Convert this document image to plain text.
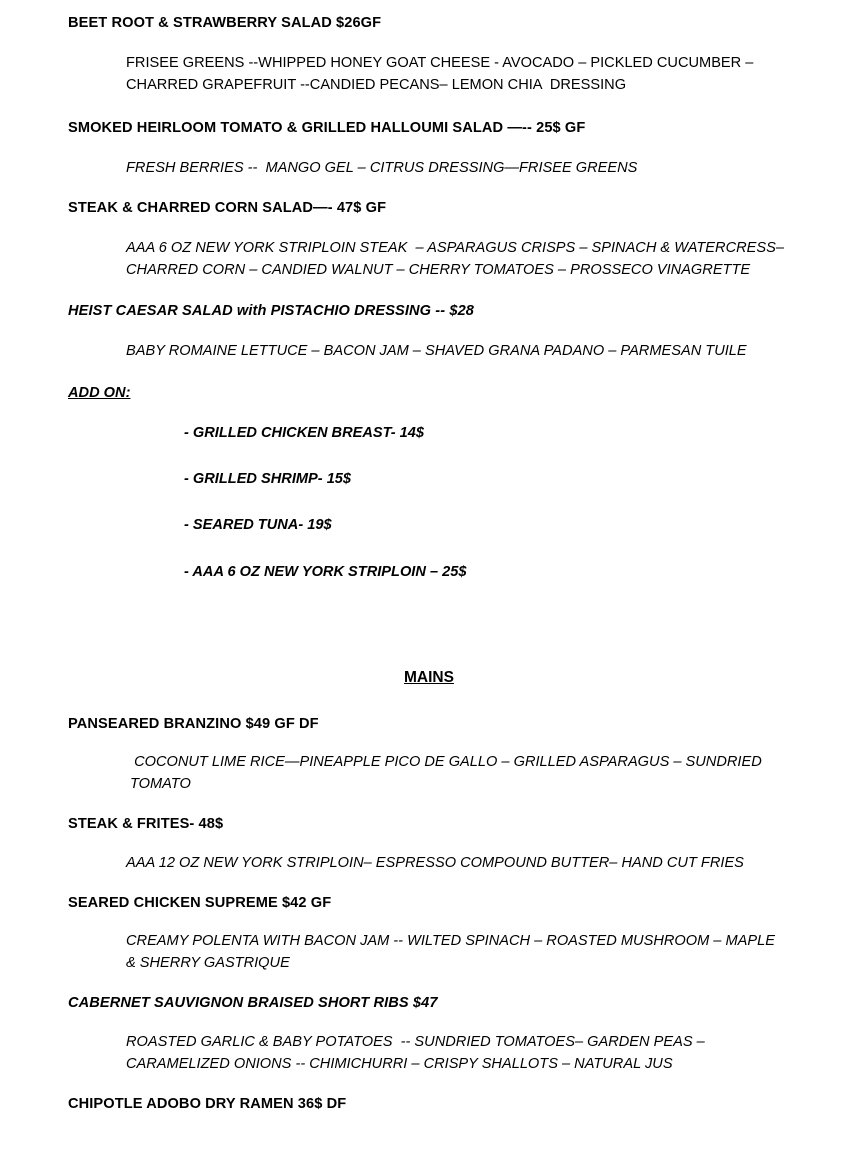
BEET ROOT & STRAWBERRY SALAD $26GF
FRISEE GREENS --WHIPPED HONEY GOAT CHEESE - AVOCADO – PICKLED CUCUMBER – CHARRED GRAPEFRUIT --CANDIED PECANS– LEMON CHIA  DRESSING
SMOKED HEIRLOOM TOMATO & GRILLED HALLOUMI SALAD —-- 25$ GF
FRESH BERRIES --  MANGO GEL – CITRUS DRESSING—FRISEE GREENS
STEAK & CHARRED CORN SALAD—- 47$ GF
AAA 6 OZ NEW YORK STRIPLOIN STEAK  – ASPARAGUS CRISPS – SPINACH & WATERCRESS– CHARRED CORN – CANDIED WALNUT – CHERRY TOMATOES – PROSSECO VINAGRETTE
HEIST CAESAR SALAD with PISTACHIO DRESSING -- $28
BABY ROMAINE LETTUCE – BACON JAM – SHAVED GRANA PADANO – PARMESAN TUILE
ADD ON:
- GRILLED CHICKEN BREAST- 14$
- GRILLED SHRIMP- 15$
- SEARED TUNA- 19$
- AAA 6 OZ NEW YORK STRIPLOIN – 25$
MAINS
PANSEARED BRANZINO $49 GF DF
COCONUT LIME RICE—PINEAPPLE PICO DE GALLO – GRILLED ASPARAGUS – SUNDRIED TOMATO
STEAK & FRITES- 48$
AAA 12 OZ NEW YORK STRIPLOIN– ESPRESSO COMPOUND BUTTER– HAND CUT FRIES
SEARED CHICKEN SUPREME $42 GF
CREAMY POLENTA WITH BACON JAM -- WILTED SPINACH – ROASTED MUSHROOM – MAPLE & SHERRY GASTRIQUE
CABERNET SAUVIGNON BRAISED SHORT RIBS $47
ROASTED GARLIC & BABY POTATOES  -- SUNDRIED TOMATOES– GARDEN PEAS – CARAMELIZED ONIONS -- CHIMICHURRI – CRISPY SHALLOTS – NATURAL JUS
CHIPOTLE ADOBO DRY RAMEN 36$ DF
